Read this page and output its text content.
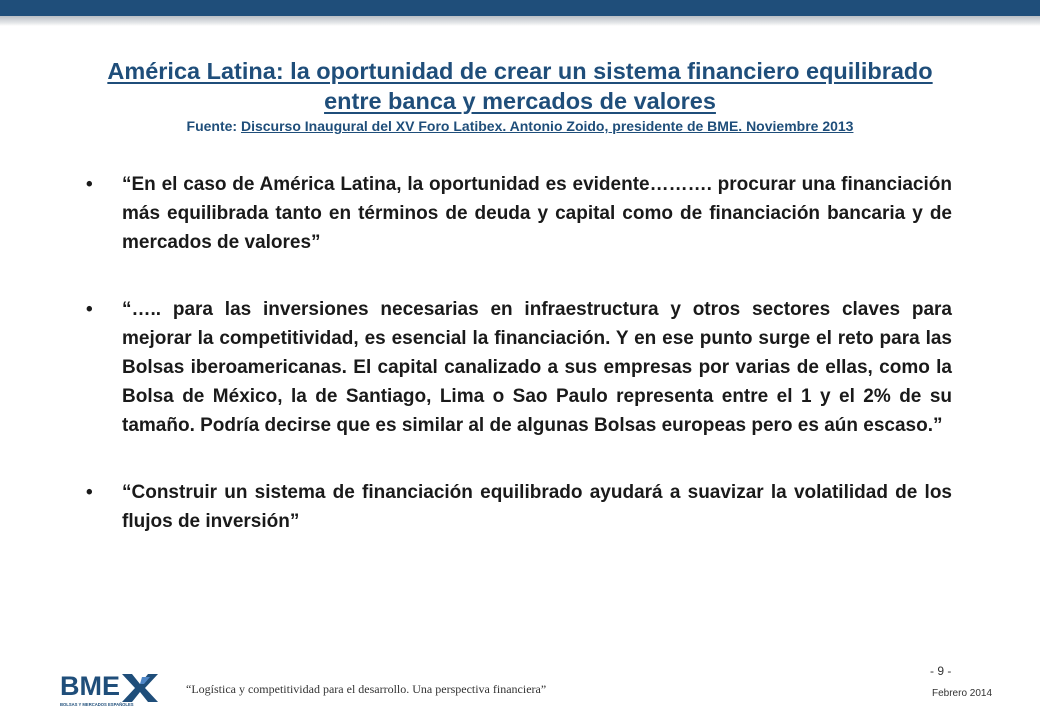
América Latina: la oportunidad de crear un sistema financiero equilibrado
entre banca y mercados de valores
Fuente: Discurso Inaugural del XV Foro Latibex. Antonio Zoido, presidente de BME. Noviembre 2013
•	“En el caso de América Latina, la oportunidad es evidente………. procurar una financiación más equilibrada tanto en términos de deuda y capital como de financiación bancaria y de mercados de valores”
•	“….. para las inversiones necesarias en infraestructura y otros sectores claves para mejorar la competitividad, es esencial la financiación. Y en ese punto surge el reto para las Bolsas iberoamericanas. El capital canalizado a sus empresas por varias de ellas, como la Bolsa de México, la de Santiago, Lima o Sao Paulo representa entre el 1 y el 2% de su tamaño. Podría decirse que es similar al de algunas Bolsas europeas pero es aún escaso.”
•	“Construir un sistema de financiación equilibrado ayudará a suavizar la volatilidad de los flujos de inversión”
BME
BOLSAS Y MERCADOS ESPAÑOLES
“Logística y competitividad para el desarrollo. Una perspectiva financiera”
- 9 -
Febrero 2014
